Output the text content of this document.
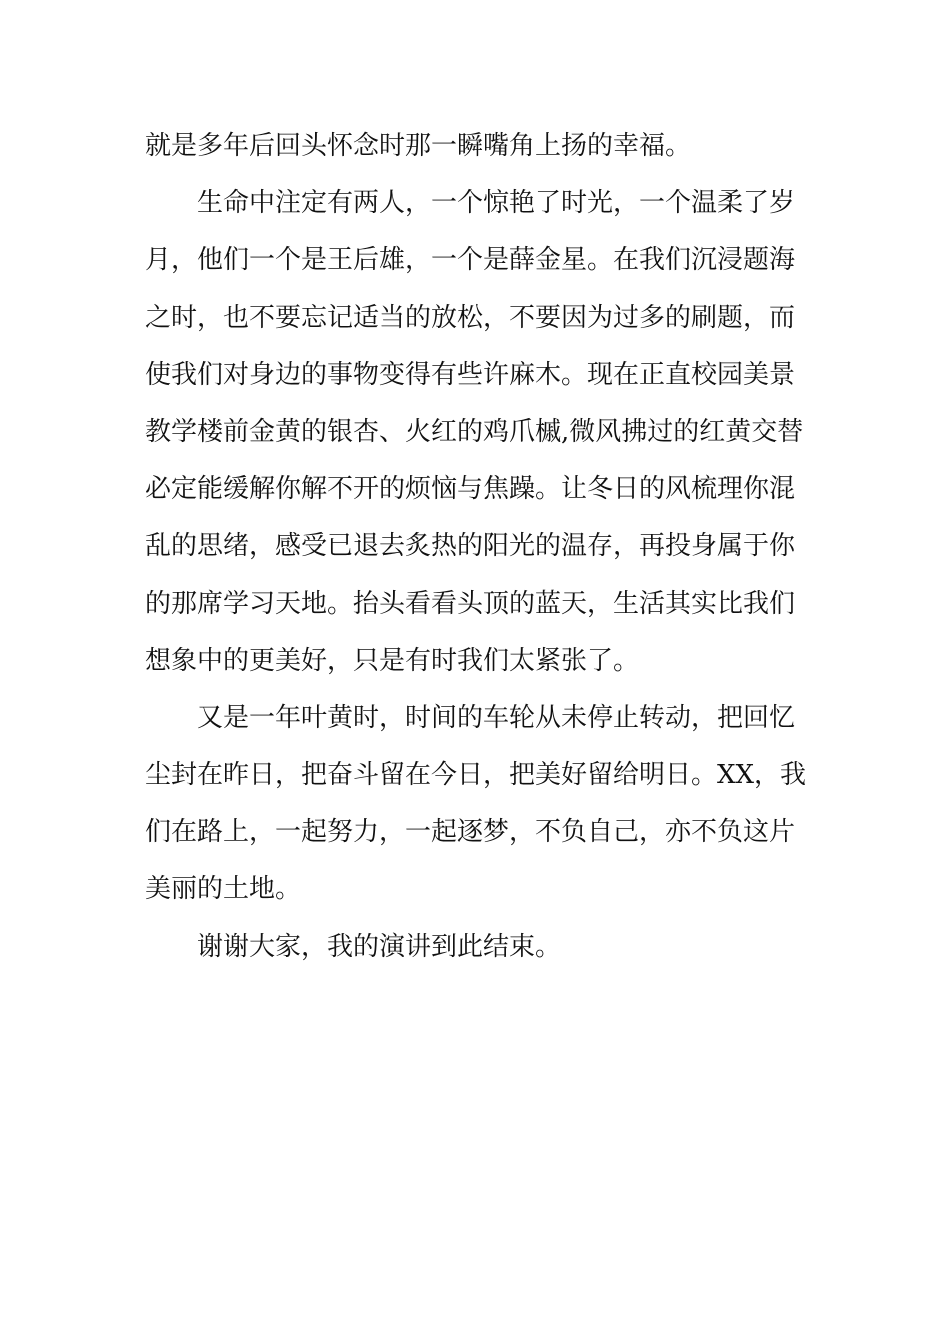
就是多年后回头怀念时那一瞬嘴角上扬的幸福。
生命中注定有两人，一个惊艳了时光，一个温柔了岁
月，他们一个是王后雄，一个是薛金星。在我们沉浸题海
之时，也不要忘记适当的放松，不要因为过多的刷题，而
使我们对身边的事物变得有些许麻木。现在正直校园美景
教学楼前金黄的银杏、火红的鸡爪槭,微风拂过的红黄交替
必定能缓解你解不开的烦恼与焦躁。让冬日的风梳理你混
乱的思绪，感受已退去炙热的阳光的温存，再投身属于你
的那席学习天地。抬头看看头顶的蓝天，生活其实比我们
想象中的更美好，只是有时我们太紧张了。
又是一年叶黄时，时间的车轮从未停止转动，把回忆
尘封在昨日，把奋斗留在今日，把美好留给明日。XX，我
们在路上，一起努力，一起逐梦，不负自己，亦不负这片
美丽的土地。
谢谢大家，我的演讲到此结束。
